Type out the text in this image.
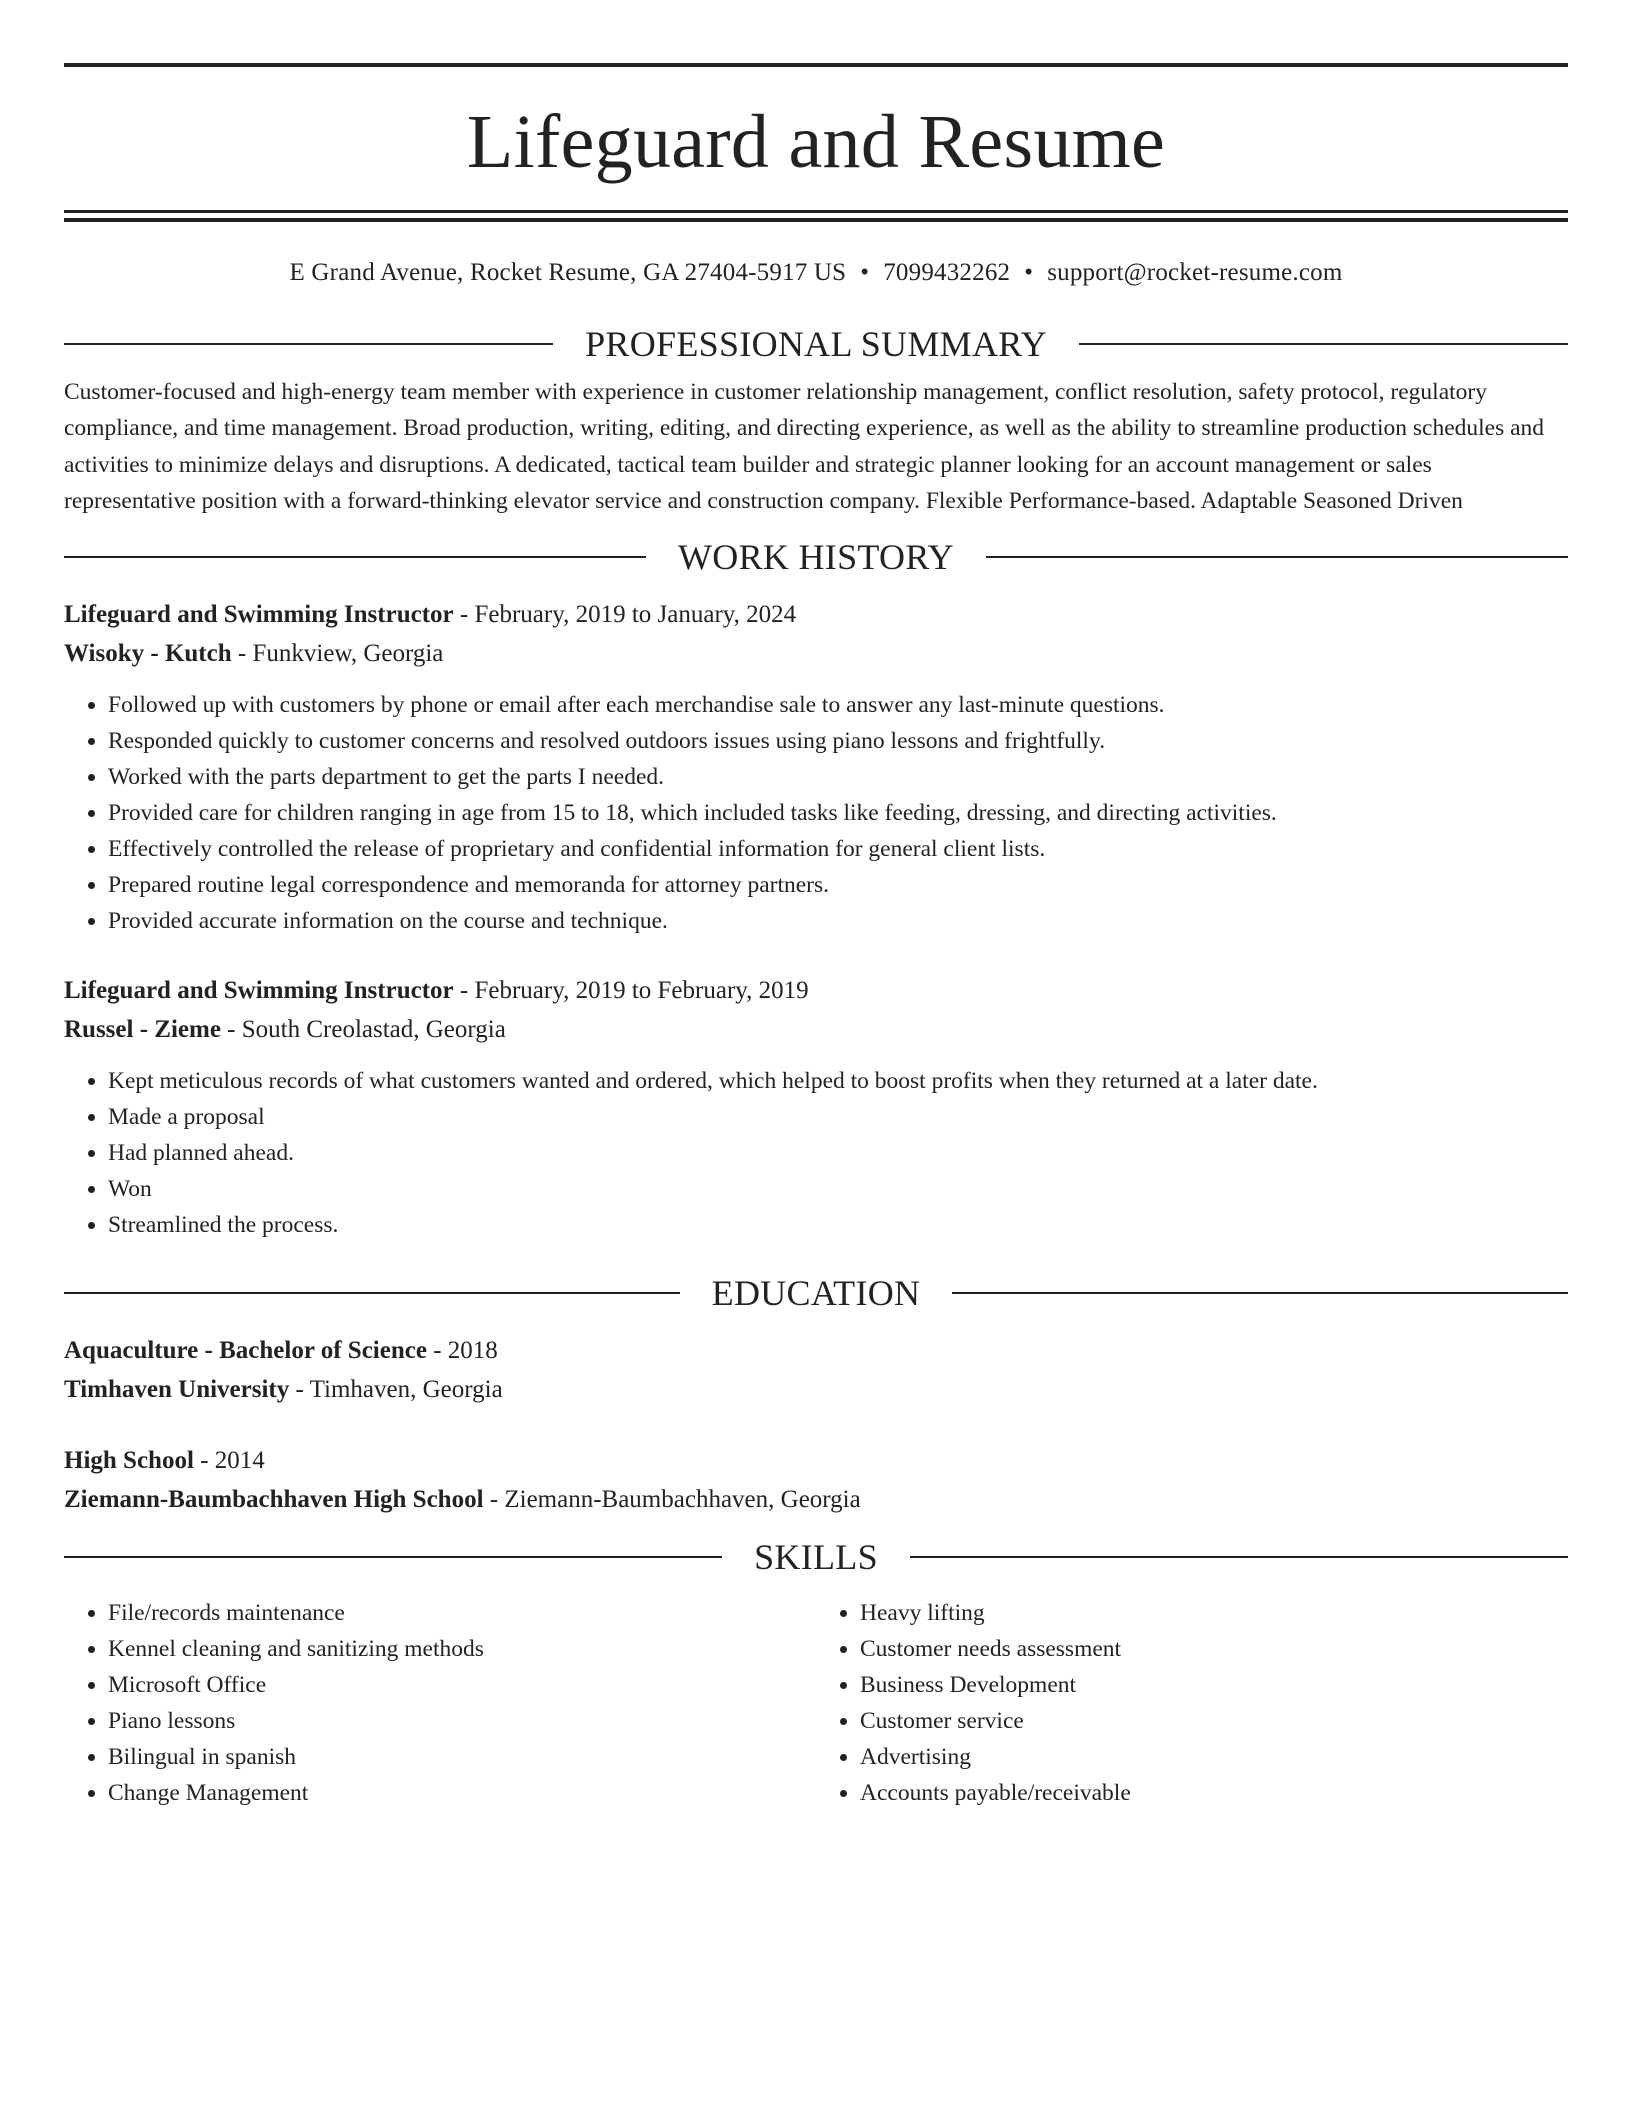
Lifeguard and Resume
E Grand Avenue, Rocket Resume, GA 27404-5917 US • 7099432262 • support@rocket-resume.com
PROFESSIONAL SUMMARY
Customer-focused and high-energy team member with experience in customer relationship management, conflict resolution, safety protocol, regulatory compliance, and time management. Broad production, writing, editing, and directing experience, as well as the ability to streamline production schedules and activities to minimize delays and disruptions. A dedicated, tactical team builder and strategic planner looking for an account management or sales representative position with a forward-thinking elevator service and construction company. Flexible Performance-based. Adaptable Seasoned Driven
WORK HISTORY
Lifeguard and Swimming Instructor - February, 2019 to January, 2024
Wisoky - Kutch - Funkview, Georgia
• Followed up with customers by phone or email after each merchandise sale to answer any last-minute questions.
• Responded quickly to customer concerns and resolved outdoors issues using piano lessons and frightfully.
• Worked with the parts department to get the parts I needed.
• Provided care for children ranging in age from 15 to 18, which included tasks like feeding, dressing, and directing activities.
• Effectively controlled the release of proprietary and confidential information for general client lists.
• Prepared routine legal correspondence and memoranda for attorney partners.
• Provided accurate information on the course and technique.
Lifeguard and Swimming Instructor - February, 2019 to February, 2019
Russel - Zieme - South Creolastad, Georgia
• Kept meticulous records of what customers wanted and ordered, which helped to boost profits when they returned at a later date.
• Made a proposal
• Had planned ahead.
• Won
• Streamlined the process.
EDUCATION
Aquaculture - Bachelor of Science - 2018
Timhaven University - Timhaven, Georgia
High School - 2014
Ziemann-Baumbachhaven High School - Ziemann-Baumbachhaven, Georgia
SKILLS
• File/records maintenance
• Kennel cleaning and sanitizing methods
• Microsoft Office
• Piano lessons
• Bilingual in spanish
• Change Management
• Heavy lifting
• Customer needs assessment
• Business Development
• Customer service
• Advertising
• Accounts payable/receivable
